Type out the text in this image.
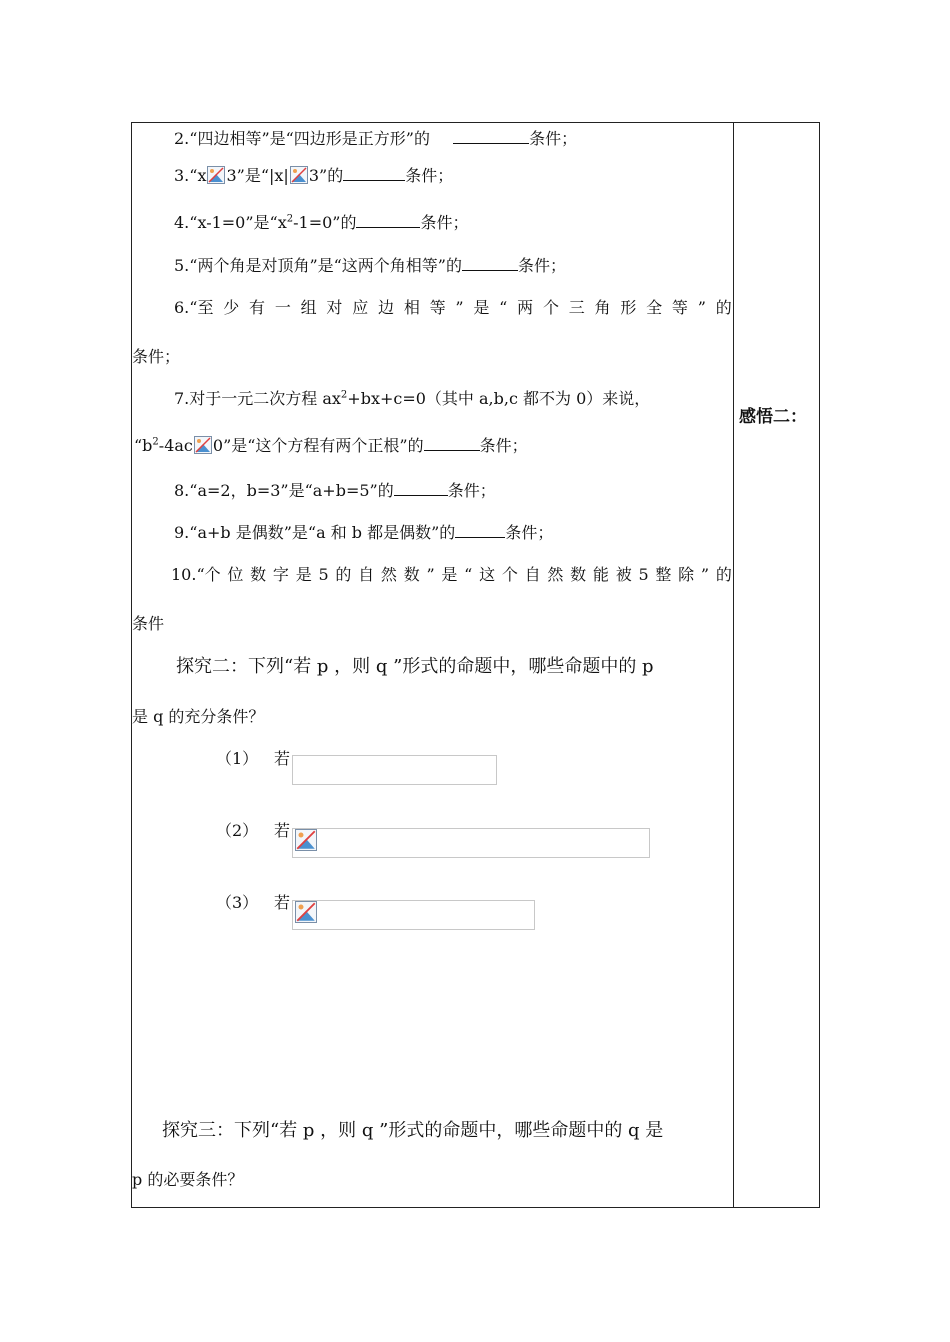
2.“四边相等”是“四边形是正方形”的	条件；
3.“x 3”是“|x| 3”的	条件；
4.“x-1=0”是“$x^2-1=0$”的	条件；
5.“两个角是对顶角”是“这两个角相等”的	条件；
6.“至 少 有 一 组 对 应 边 相 等 ” 是 “ 两 个 三 角 形 全 等 ” 的
条件；
7.对于一元二次方程 $ax^2+bx+c=0$（其中 a,b,c 都不为 0）来说，
“$b^2-4ac$ 0”是“这个方程有两个正根”的	条件；
8.“a=2，b=3”是“a+b=5”的	条件；
9.“a+b 是偶数”是“a 和 b 都是偶数”的	条件；
10.“个 位 数 字 是 5 的 自 然 数 ” 是 “ 这 个 自 然 数 能 被 5 整 除 ” 的
条件
探究二：下列“若 p ，则 q ”形式的命题中，哪些命题中的 p
是 q 的充分条件？
（1） 若
（2） 若
（3） 若
探究三：下列“若 p ，则 q ”形式的命题中，哪些命题中的 q 是
p 的必要条件？
感悟二：
